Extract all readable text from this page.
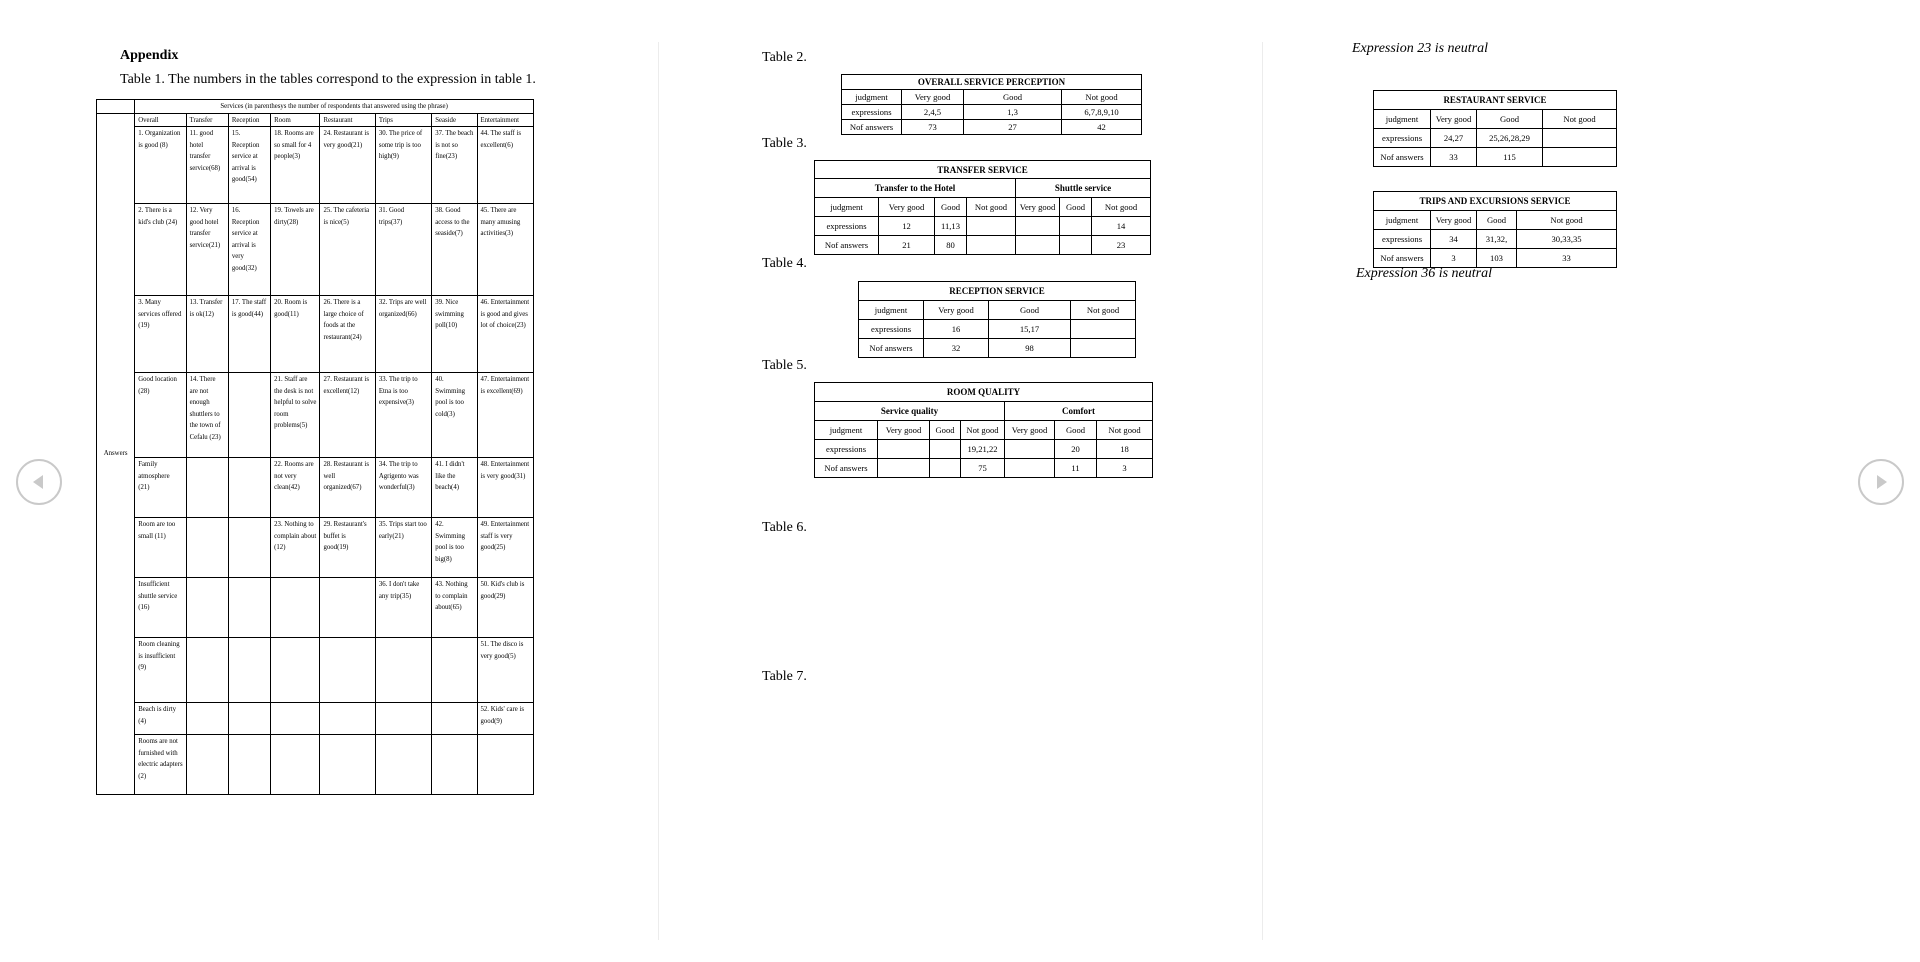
Appendix
Table 1. The numbers in the tables correspond to the expression in table 1.
	Services (in parenthesys the number of respondents that answered using the phrase)							
Answers	Overall	Transfer	Reception	Room	Restaurant	Trips	Seaside	Entertainment
	1. Organization is good (8)	11. good hotel transfer service(68)	15. Reception service at arrival is good(54)	18. Rooms are so small for 4 people(3)	24. Restaurant is very good(21)	30. The price of some trip is too high(9)	37. The beach is not so fine(23)	44. The staff is excellent(6)
	2. There is a kid's club (24)	12. Very good hotel transfer service(21)	16. Reception service at arrival is very good(32)	19. Towels are dirty(28)	25. The cafeteria is nice(5)	31. Good trips(37)	38. Good access to the seaside(7)	45. There are many amusing activities(3)
	3. Many services offered (19)	13. Transfer is ok(12)	17. The staff is good(44)	20. Room is good(11)	26. There is a large choice of foods at the restaurant(24)	32. Trips are well organized(66)	39. Nice swimming poll(10)	46. Entertainment is good and gives lot of choice(23)
	Good location (28)	14. There are not enough shuttlers to the town of Cefalu (23)		21. Staff are the desk is not helpful to solve room problems(5)	27. Restaurant is excellent(12)	33. The trip to Etna is too expensive(3)	40. Swimming pool is too cold(3)	47. Entertainment is excellent(69)
	Family atmosphere (21)			22. Rooms are not very clean(42)	28. Restaurant is well organized(67)	34. The trip to Agrigento was wonderful(3)	41. I didn't like the beach(4)	48. Entertainment is very good(31)
	Room are too small (11)			23. Nothing to complain about (12)	29. Restaurant's buffet is good(19)	35. Trips start too early(21)	42. Swimming pool is too big(8)	49. Entertainment staff is very good(25)
	Insufficient shuttle service (16)					36. I don't take any trip(35)	43. Nothing to complain about(65)	50. Kid's club is good(29)
	Room cleaning is insufficient (9)							51. The disco is very good(5)
	Beach is dirty (4)							52. Kids' care is good(9)
	Rooms are not furnished with electric adapters (2)							
Table 2.
OVERALL SERVICE PERCEPTION			
judgment	Very good	Good	Not good
expressions	2,4,5	1,3	6,7,8,9,10
Nof answers	73	27	42
Table 3.
TRANSFER SERVICE						
Transfer to the Hotel				Shuttle service		
judgment	Very good	Good	Not good	Very good	Good	Not good
expressions	12	11,13				14
Nof answers	21	80				23
Table 4.
RECEPTION SERVICE			
judgment	Very good	Good	Not good
expressions	16	15,17	
Nof answers	32	98	
Table 5.
ROOM QUALITY						
Service quality				Comfort		
judgment	Very good	Good	Not good	Very good	Good	Not good
expressions			19,21,22		20	18
Nof answers			75		11	3
Table 6.
Table 7.
Expression 23 is neutral
RESTAURANT SERVICE			
judgment	Very good	Good	Not good
expressions	24,27	25,26,28,29	
Nof answers	33	115	
TRIPS AND EXCURSIONS SERVICE			
judgment	Very good	Good	Not good
expressions	34	31,32,	30,33,35
Nof answers	3	103	33
Expression 36 is neutral
